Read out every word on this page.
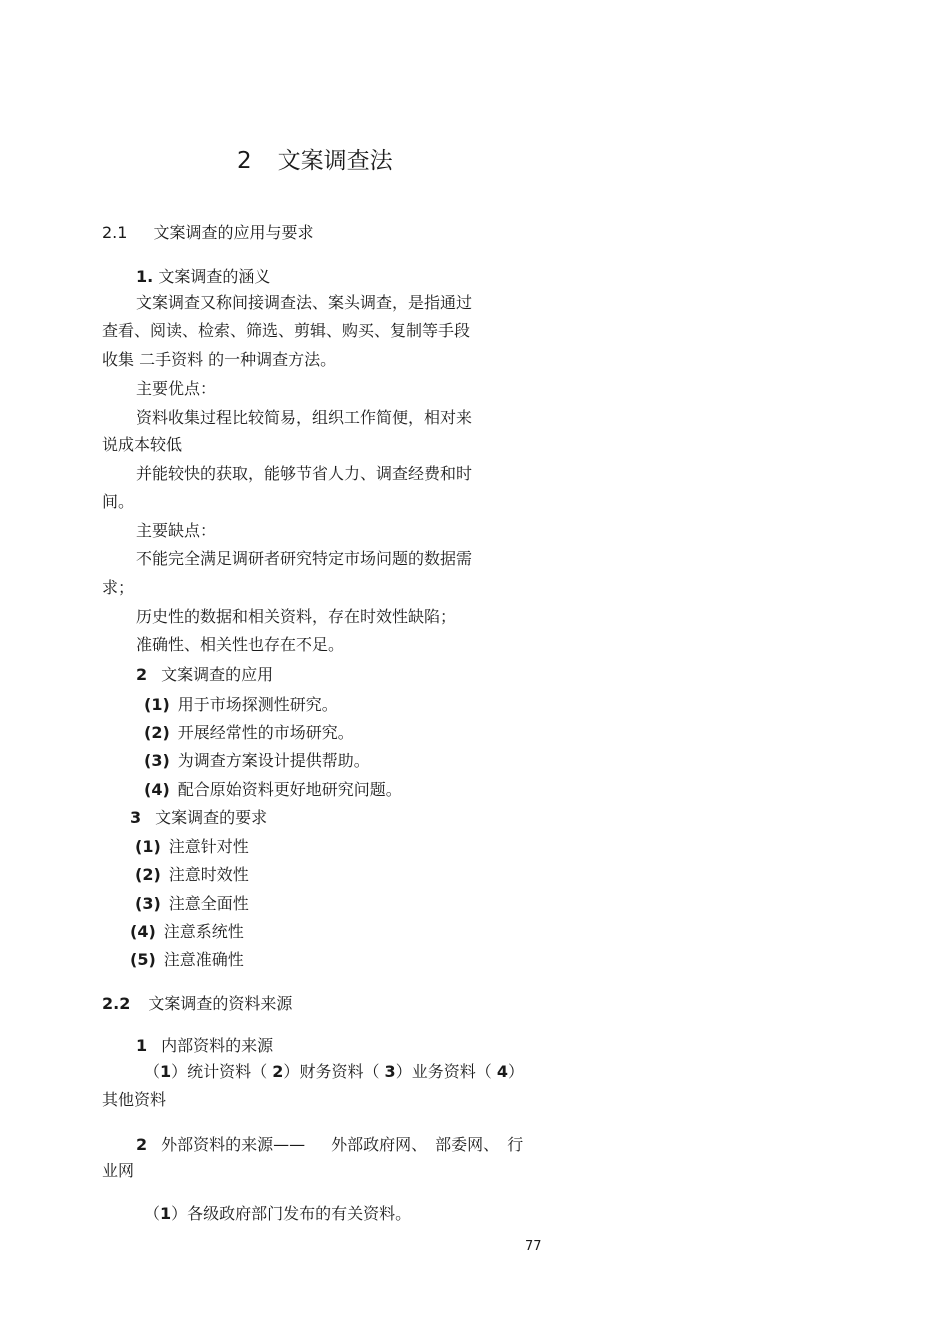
2 文案调查法
2.1 文案调查的应用与要求
1. 文案调查的涵义
文案调查又称间接调查法、案头调查，是指通过
查看、阅读、检索、筛选、剪辑、购买、复制等手段
收集 二手资料 的一种调查方法。
主要优点：
资料收集过程比较简易，组织工作简便，相对来
说成本较低
并能较快的获取，能够节省人力、调查经费和时
间。
主要缺点：
不能完全满足调研者研究特定市场问题的数据需
求；
历史性的数据和相关资料，存在时效性缺陷；
准确性、相关性也存在不足。
2 文案调查的应用
(1) 用于市场探测性研究。
(2) 开展经常性的市场研究。
(3) 为调查方案设计提供帮助。
(4) 配合原始资料更好地研究问题。
3 文案调查的要求
(1) 注意针对性
(2) 注意时效性
(3) 注意全面性
(4) 注意系统性
(5) 注意准确性
2.2 文案调查的资料来源
1 内部资料的来源
（1）统计资料（ 2）财务资料（ 3）业务资料（ 4）
其他资料
2 外部资料的来源—— 外部政府网、 部委网、 行
业网
（1）各级政府部门发布的有关资料。
77
